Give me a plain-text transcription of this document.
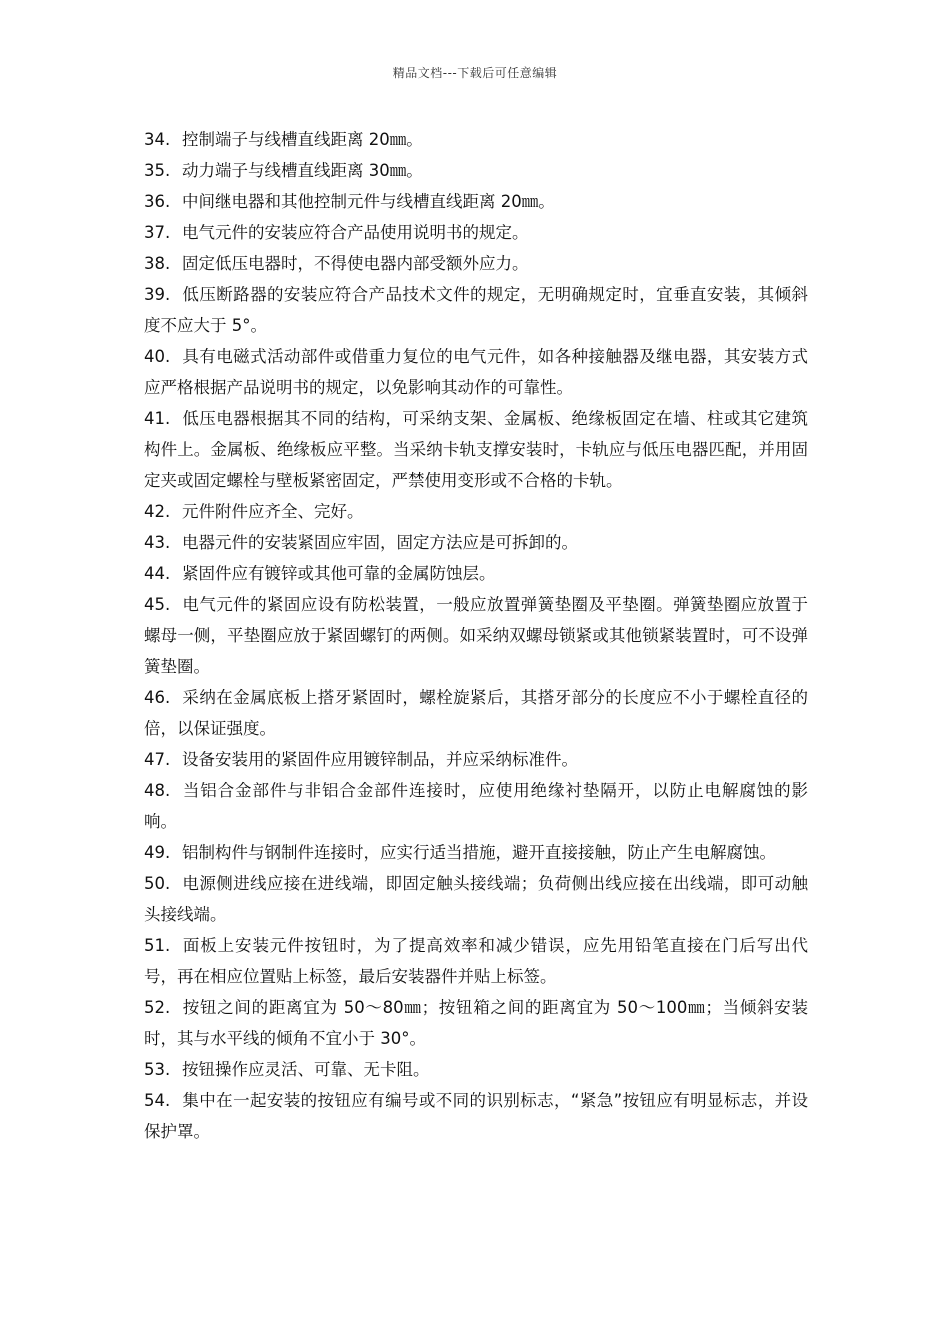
精品文档---下载后可任意编辑

34. 控制端子与线槽直线距离 20㎜。

35. 动力端子与线槽直线距离 30㎜。

36. 中间继电器和其他控制元件与线槽直线距离 20㎜。

37. 电气元件的安装应符合产品使用说明书的规定。

38. 固定低压电器时，不得使电器内部受额外应力。

39. 低压断路器的安装应符合产品技术文件的规定，无明确规定时，宜垂直安装，其倾斜度不应大于 5°。

40. 具有电磁式活动部件或借重力复位的电气元件，如各种接触器及继电器，其安装方式应严格根据产品说明书的规定，以免影响其动作的可靠性。

41. 低压电器根据其不同的结构，可采纳支架、金属板、绝缘板固定在墙、柱或其它建筑构件上。金属板、绝缘板应平整。当采纳卡轨支撑安装时，卡轨应与低压电器匹配，并用固定夹或固定螺栓与壁板紧密固定，严禁使用变形或不合格的卡轨。

42. 元件附件应齐全、完好。

43. 电器元件的安装紧固应牢固，固定方法应是可拆卸的。

44. 紧固件应有镀锌或其他可靠的金属防蚀层。

45. 电气元件的紧固应设有防松装置，一般应放置弹簧垫圈及平垫圈。弹簧垫圈应放置于螺母一侧，平垫圈应放于紧固螺钉的两侧。如采纳双螺母锁紧或其他锁紧装置时，可不设弹簧垫圈。

46. 采纳在金属底板上搭牙紧固时，螺栓旋紧后，其搭牙部分的长度应不小于螺栓直径的倍，以保证强度。

47. 设备安装用的紧固件应用镀锌制品，并应采纳标准件。

48. 当铝合金部件与非铝合金部件连接时，应使用绝缘衬垫隔开，以防止电解腐蚀的影响。

49. 铝制构件与钢制件连接时，应实行适当措施，避开直接接触，防止产生电解腐蚀。

50. 电源侧进线应接在进线端，即固定触头接线端；负荷侧出线应接在出线端，即可动触头接线端。

51. 面板上安装元件按钮时，为了提高效率和减少错误，应先用铅笔直接在门后写出代号，再在相应位置贴上标签，最后安装器件并贴上标签。

52. 按钮之间的距离宜为 50～80㎜；按钮箱之间的距离宜为 50～100㎜；当倾斜安装时，其与水平线的倾角不宜小于 30°。

53. 按钮操作应灵活、可靠、无卡阻。

54. 集中在一起安装的按钮应有编号或不同的识别标志，“紧急”按钮应有明显标志，并设保护罩。
